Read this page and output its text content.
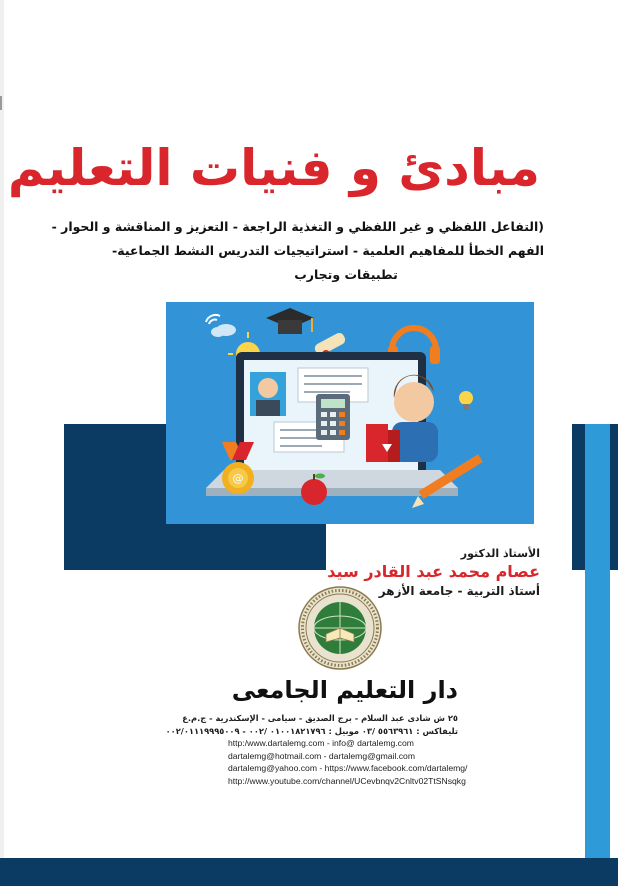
مبادئ و فنيات التعليم
(التفاعل اللفظي و غير اللفظي و التغذية الراجعة - التعزيز و المناقشة و الحوار -
الفهم الخطأ للمفاهيم العلمية - استراتيجيات التدريس النشط الجماعية-
تطبيقات وتجارب
@
الأستاذ الدكتور
عصام محمد عبد القادر سيد
أستاذ التربية - جامعة الأزهر
دار التعليم الجامعى
٢٥ ش شادى عبد السلام - برج الصديق - سيامى - الإسكندرية - ج.م.ع
تليفاكس : ٥٥٦٣٩٦١ /٠٣ موبيل : ٠١٠٠١٨٢١٧٩٦ /٠٠٢ - ٠٠٢/٠١١١٩٩٩٥٠٠٩
http:/www.dartalemg.com - info@ dartalemg.com
dartalemg@hotmail.com - dartalemg@gmail.com
dartalemg@yahoo.com - https://www.facebook.com/dartalemg/
http://www.youtube.com/channel/UCevbnqv2Cnltv02TtSNsqkg
